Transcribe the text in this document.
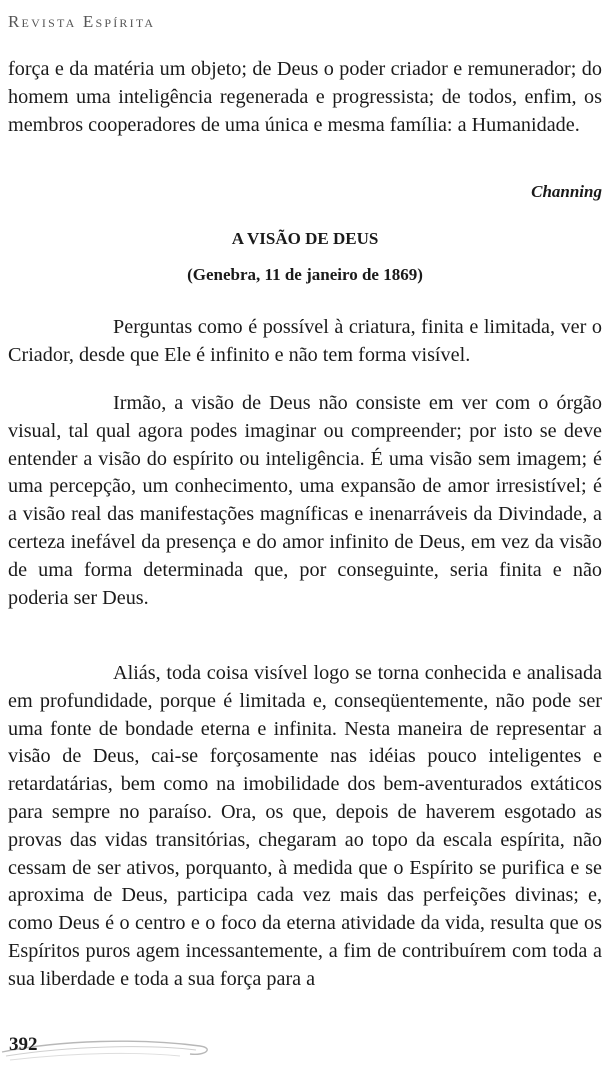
Revista Espírita

força e da matéria um objeto; de Deus o poder criador e remunerador; do homem uma inteligência regenerada e progressista; de todos, enfim, os membros cooperadores de uma única e mesma família: a Humanidade.

Channing
A VISÃO DE DEUS
(Genebra, 11 de janeiro de 1869)

Perguntas como é possível à criatura, finita e limitada, ver o Criador, desde que Ele é infinito e não tem forma visível.

Irmão, a visão de Deus não consiste em ver com o órgão visual, tal qual agora podes imaginar ou compreender; por isto se deve entender a visão do espírito ou inteligência. É uma visão sem imagem; é uma percepção, um conhecimento, uma expansão de amor irresistível; é a visão real das manifestações magníficas e inenarráveis da Divindade, a certeza inefável da presença e do amor infinito de Deus, em vez da visão de uma forma determinada que, por conseguinte, seria finita e não poderia ser Deus.

Aliás, toda coisa visível logo se torna conhecida e analisada em profundidade, porque é limitada e, conseqüentemente, não pode ser uma fonte de bondade eterna e infinita. Nesta maneira de representar a visão de Deus, cai-se forçosamente nas idéias pouco inteligentes e retardatárias, bem como na imobilidade dos bem-aventurados extáticos para sempre no paraíso. Ora, os que, depois de haverem esgotado as provas das vidas transitórias, chegaram ao topo da escala espírita, não cessam de ser ativos, porquanto, à medida que o Espírito se purifica e se aproxima de Deus, participa cada vez mais das perfeições divinas; e, como Deus é o centro e o foco da eterna atividade da vida, resulta que os Espíritos puros agem incessantemente, a fim de contribuírem com toda a sua liberdade e toda a sua força para a

392
